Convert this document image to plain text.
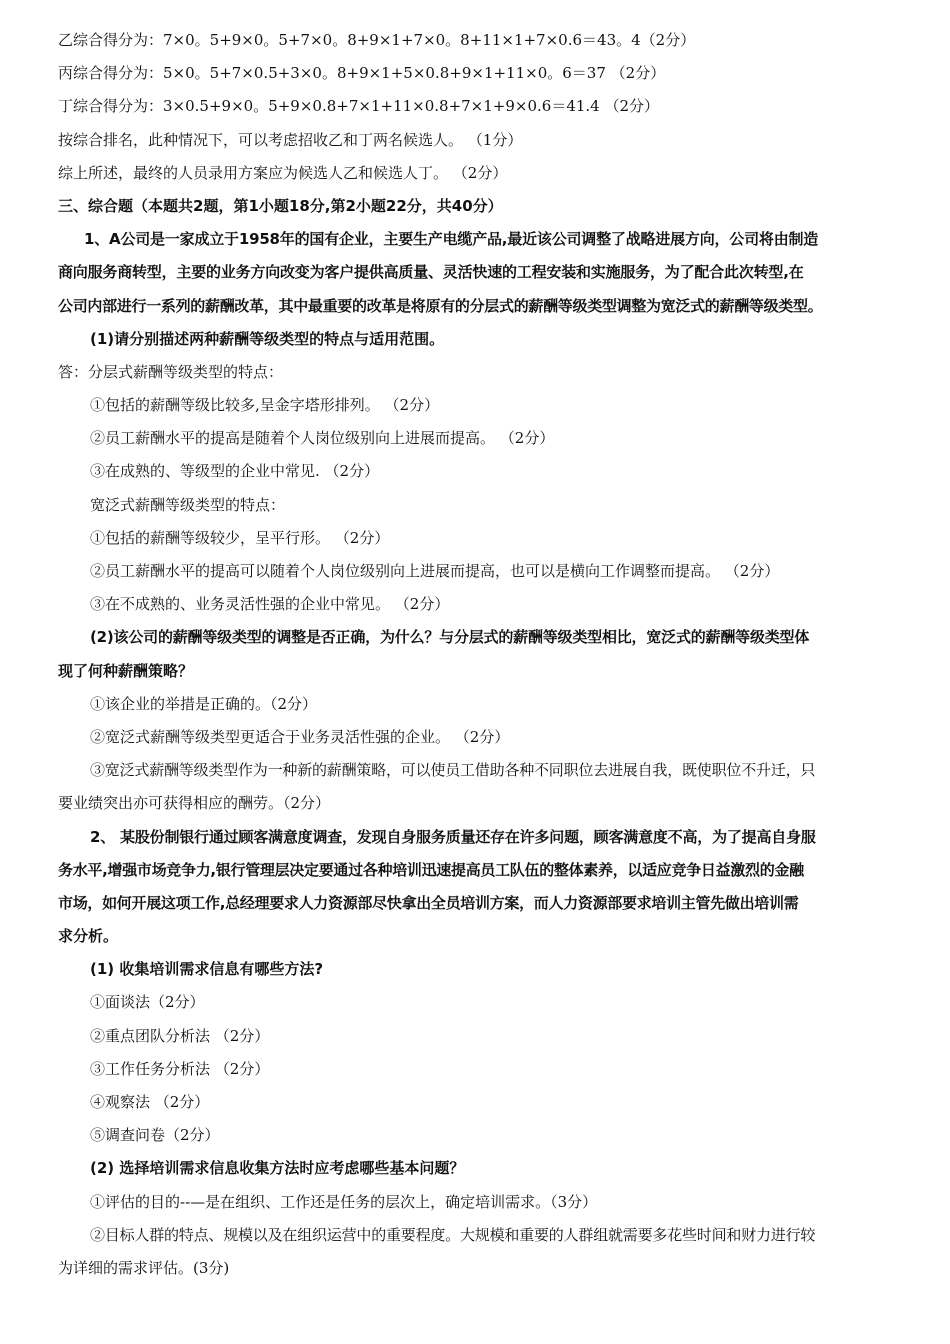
乙综合得分为：7×0。5+9×0。5+7×0。8+9×1+7×0。8+11×1+7×0.6＝43。4（2分）
丙综合得分为：5×0。5+7×0.5+3×0。8+9×1+5×0.8+9×1+11×0。6＝37 （2分）
丁综合得分为：3×0.5+9×0。5+9×0.8+7×1+11×0.8+7×1+9×0.6＝41.4 （2分）
按综合排名，此种情况下，可以考虑招收乙和丁两名候选人。 （1分）
综上所述，最终的人员录用方案应为候选人乙和候选人丁。 （2分）
三、综合题（本题共2题，第1小题18分,第2小题22分，共40分）
1、A公司是一家成立于1958年的国有企业，主要生产电缆产品,最近该公司调整了战略进展方向，公司将由制造
商向服务商转型，主要的业务方向改变为客户提供高质量、灵活快速的工程安装和实施服务，为了配合此次转型,在
公司内部进行一系列的薪酬改革，其中最重要的改革是将原有的分层式的薪酬等级类型调整为宽泛式的薪酬等级类型。
(1)请分别描述两种薪酬等级类型的特点与适用范围。
答：分层式薪酬等级类型的特点：
①包括的薪酬等级比较多,呈金字塔形排列。 （2分）
②员工薪酬水平的提高是随着个人岗位级别向上进展而提高。 （2分）
③在成熟的、等级型的企业中常见. （2分）
宽泛式薪酬等级类型的特点：
①包括的薪酬等级较少，呈平行形。 （2分）
②员工薪酬水平的提高可以随着个人岗位级别向上进展而提高，也可以是横向工作调整而提高。 （2分）
③在不成熟的、业务灵活性强的企业中常见。 （2分）
(2)该公司的薪酬等级类型的调整是否正确，为什么？与分层式的薪酬等级类型相比，宽泛式的薪酬等级类型体
现了何种薪酬策略？
①该企业的举措是正确的。（2分）
②宽泛式薪酬等级类型更适合于业务灵活性强的企业。 （2分）
③宽泛式薪酬等级类型作为一种新的薪酬策略，可以使员工借助各种不同职位去进展自我，既使职位不升迁，只
要业绩突出亦可获得相应的酬劳。（2分）
2、 某股份制银行通过顾客满意度调查，发现自身服务质量还存在许多问题，顾客满意度不高，为了提高自身服
务水平,增强市场竞争力,银行管理层决定要通过各种培训迅速提高员工队伍的整体素养，以适应竞争日益激烈的金融
市场，如何开展这项工作,总经理要求人力资源部尽快拿出全员培训方案，而人力资源部要求培训主管先做出培训需
求分析。
(1) 收集培训需求信息有哪些方法?
①面谈法（2分）
②重点团队分析法 （2分）
③工作任务分析法 （2分）
④观察法 （2分）
⑤调查问卷（2分）
(2) 选择培训需求信息收集方法时应考虑哪些基本问题？
①评估的目的--—是在组织、工作还是任务的层次上，确定培训需求。（3分）
②目标人群的特点、规模以及在组织运营中的重要程度。大规模和重要的人群组就需要多花些时间和财力进行较
为详细的需求评估。(3分)
